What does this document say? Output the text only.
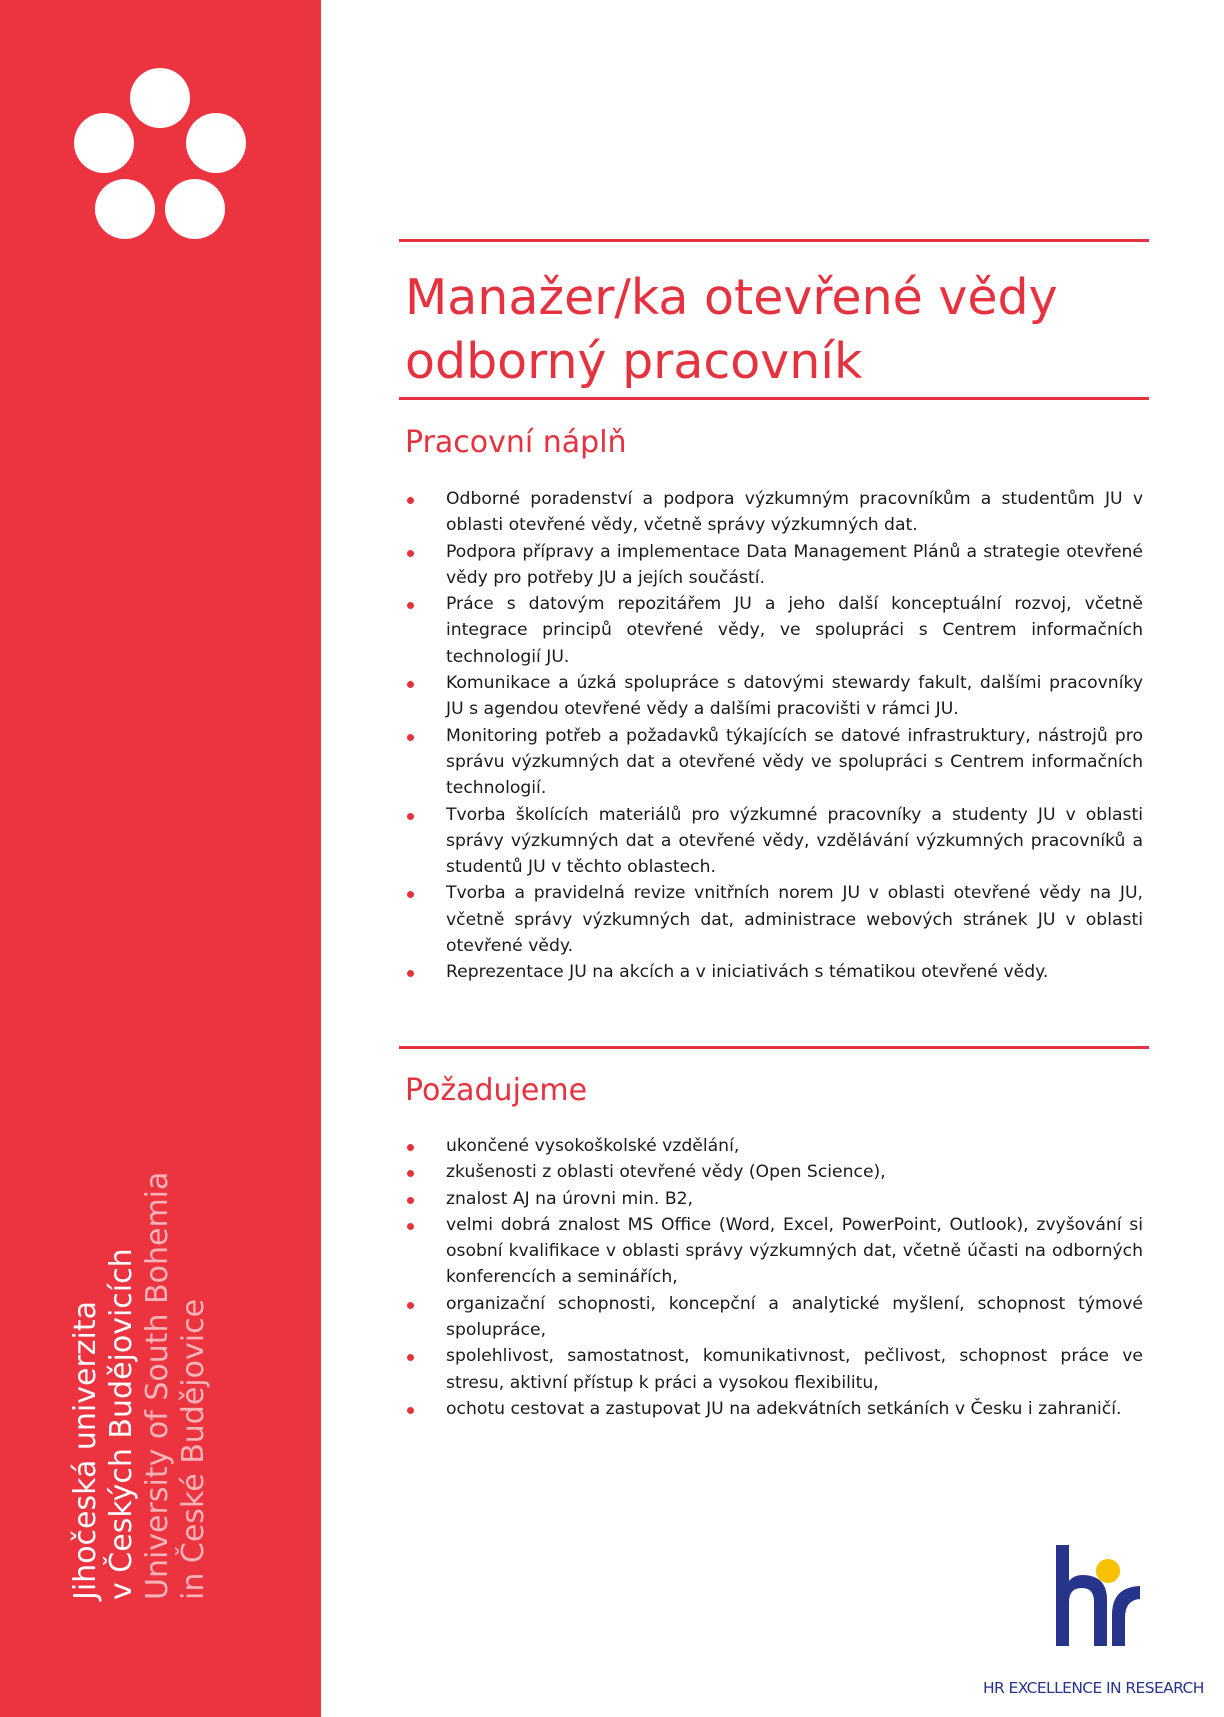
Jihočeská univerzita v Českých Budějovicích University of South Bohemia in České Budějovice
Manažer/ka otevřené vědy
odborný pracovník
Pracovní náplň
Odborné poradenství a podpora výzkumným pracovníkům a studentům JU v oblasti otevřené vědy, včetně správy výzkumných dat.
Podpora přípravy a implementace Data Management Plánů a strategie otevřené vědy pro potřeby JU a jejích součástí.
Práce s datovým repozitářem JU a jeho další konceptuální rozvoj, včetně integrace principů otevřené vědy, ve spolupráci s Centrem informačních technologií JU.
Komunikace a úzká spolupráce s datovými stewardy fakult, dalšími pracovníky JU s agendou otevřené vědy a dalšími pracovišti v rámci JU.
Monitoring potřeb a požadavků týkajících se datové infrastruktury, nástrojů pro správu výzkumných dat a otevřené vědy ve spolupráci s Centrem informačních technologií.
Tvorba školících materiálů pro výzkumné pracovníky a studenty JU v oblasti správy výzkumných dat a otevřené vědy, vzdělávání výzkumných pracovníků a studentů JU v těchto oblastech.
Tvorba a pravidelná revize vnitřních norem JU v oblasti otevřené vědy na JU, včetně správy výzkumných dat, administrace webových stránek JU v oblasti otevřené vědy.
Reprezentace JU na akcích a v iniciativách s tématikou otevřené vědy.
Požadujeme
ukončené vysokoškolské vzdělání,
zkušenosti z oblasti otevřené vědy (Open Science),
znalost AJ na úrovni min. B2,
velmi dobrá znalost MS Office (Word, Excel, PowerPoint, Outlook), zvyšování si osobní kvalifikace v oblasti správy výzkumných dat, včetně účasti na odborných konferencích a seminářích,
organizační schopnosti, koncepční a analytické myšlení, schopnost týmové spolupráce,
spolehlivost, samostatnost, komunikativnost, pečlivost, schopnost práce ve stresu, aktivní přístup k práci a vysokou flexibilitu,
ochotu cestovat a zastupovat JU na adekvátních setkáních v Česku i zahraničí.
HR EXCELLENCE IN RESEARCH
